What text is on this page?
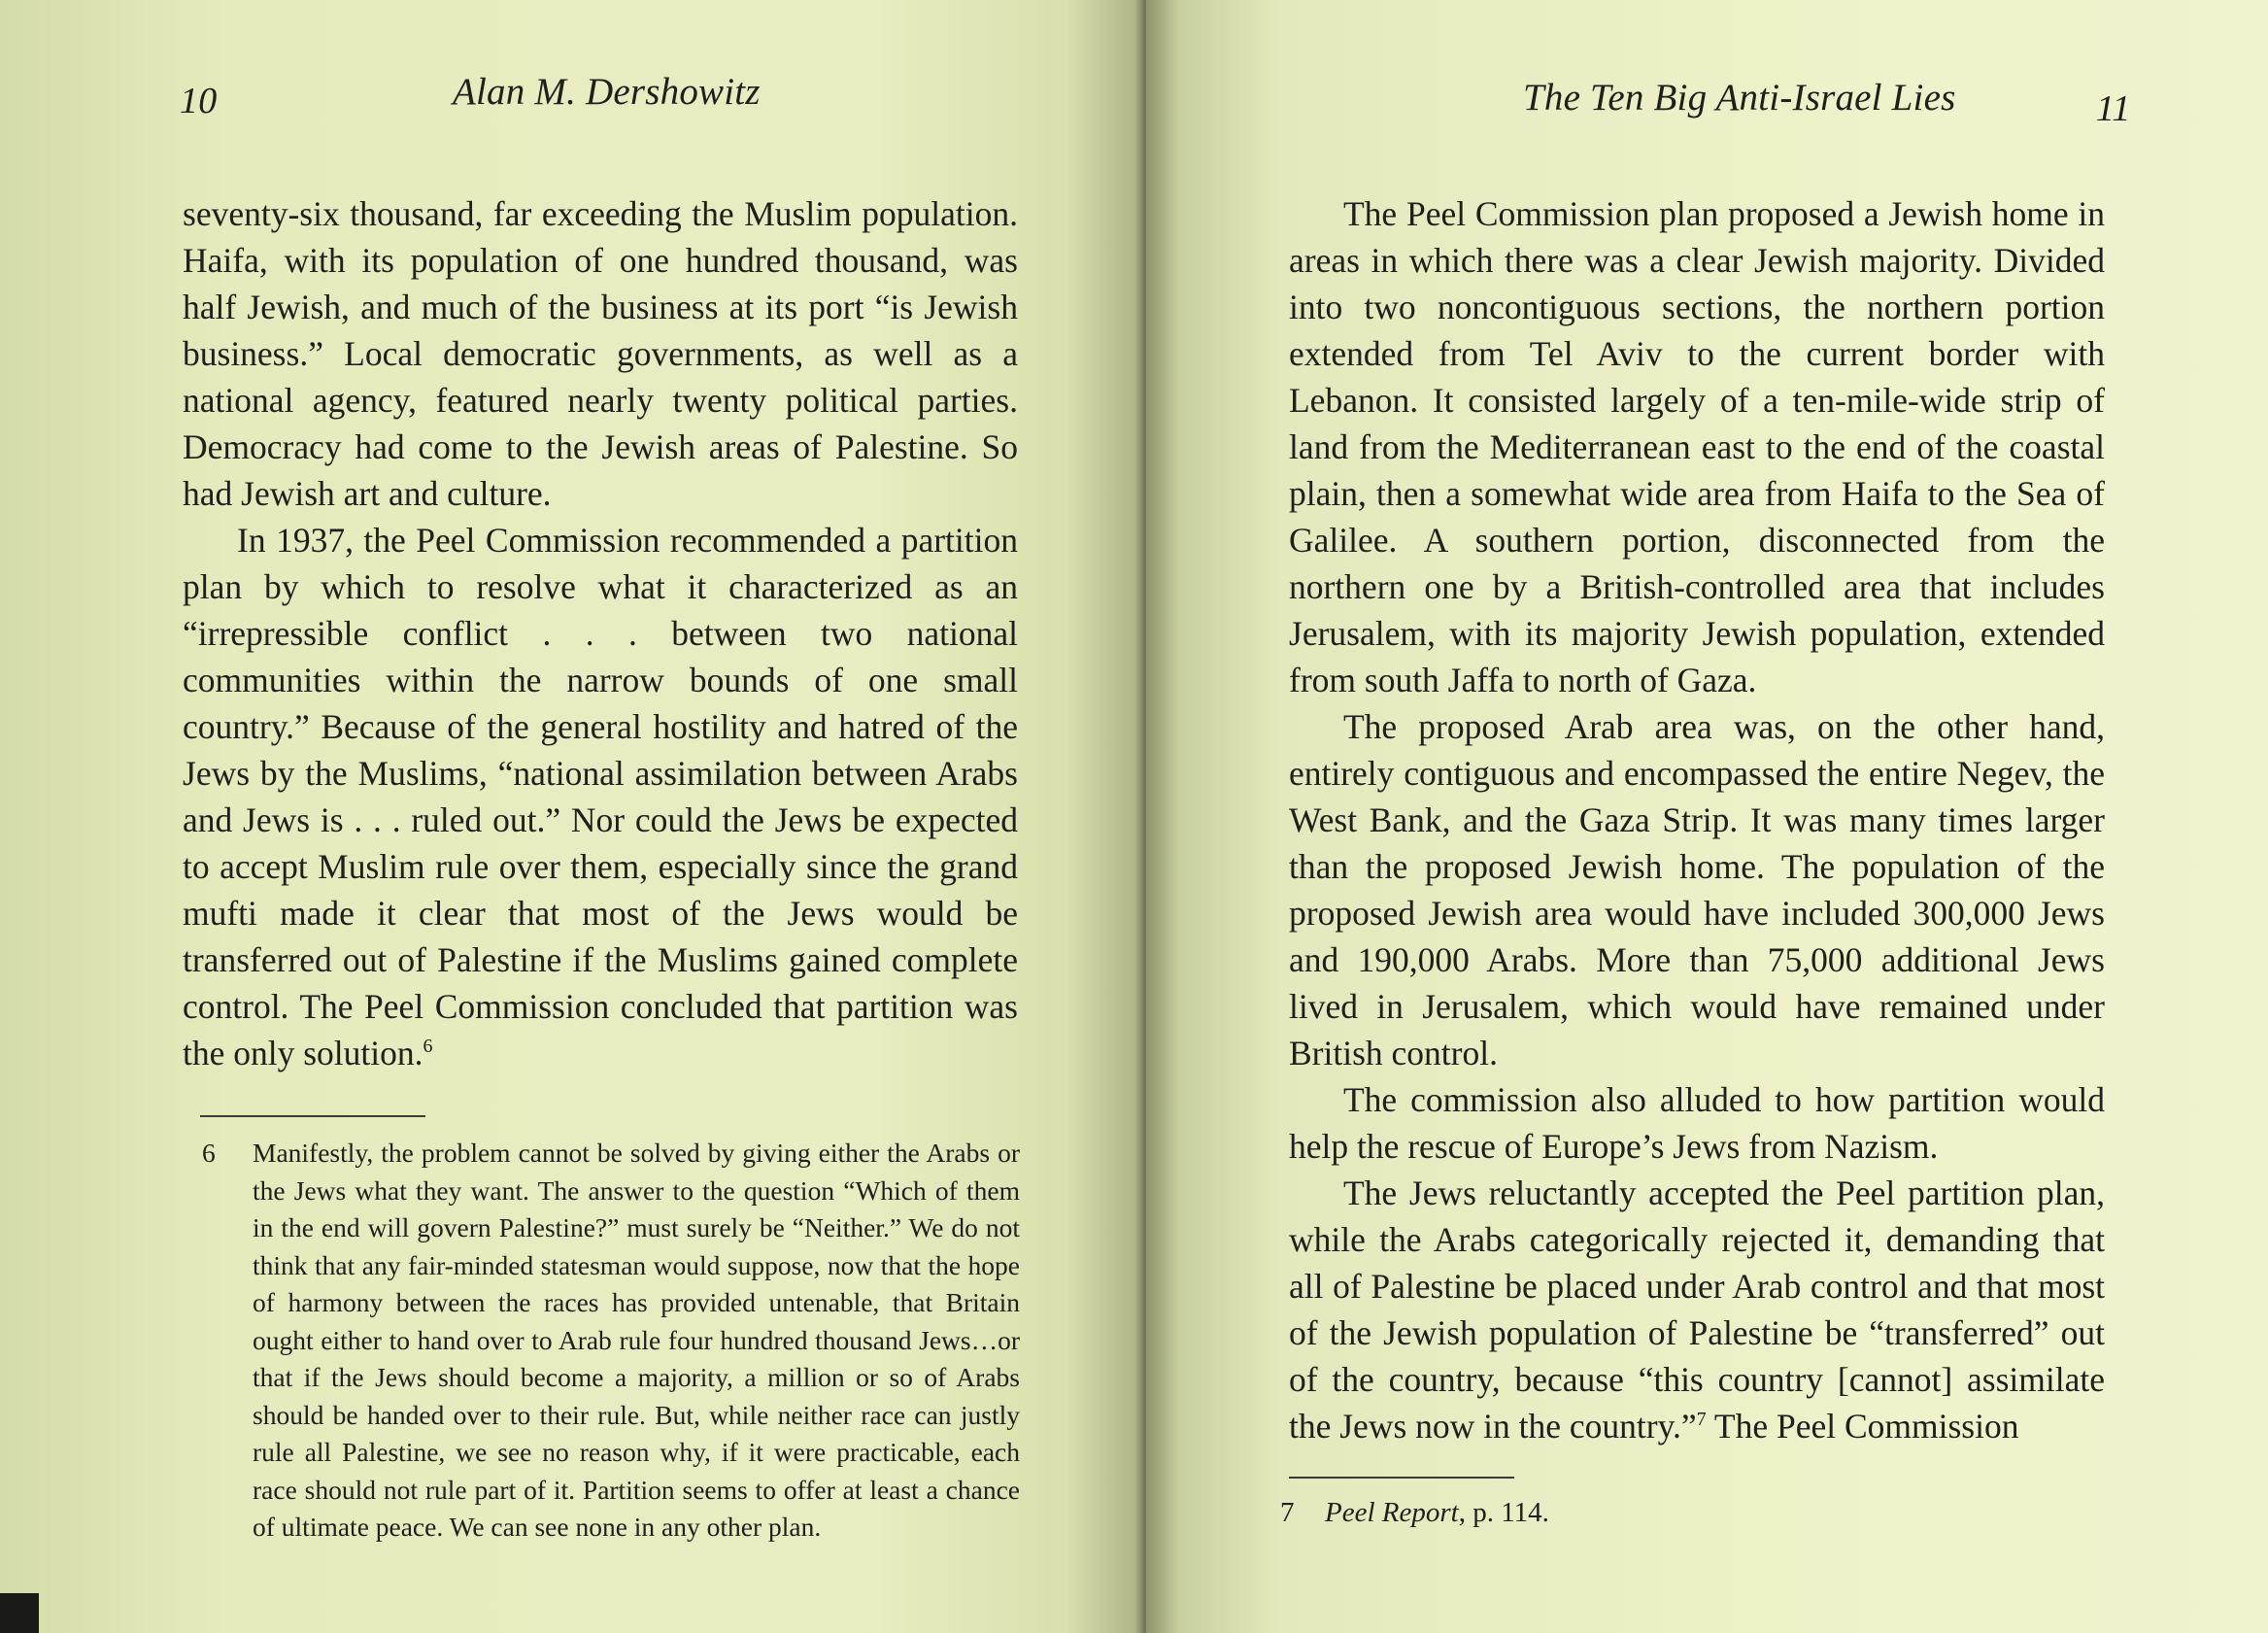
10	Alan M. Dershowitz

seventy-six thousand, far exceeding the Muslim population. Haifa, with its population of one hundred thousand, was half Jewish, and much of the business at its port “is Jewish business.” Local democratic governments, as well as a national agency, featured nearly twenty political parties. Democracy had come to the Jewish areas of Palestine. So had Jewish art and culture.

In 1937, the Peel Commission recommended a partition plan by which to resolve what it characterized as an “irrepressible conflict . . . between two national communities within the narrow bounds of one small country.” Because of the general hostility and hatred of the Jews by the Muslims, “national assimilation between Arabs and Jews is . . . ruled out.” Nor could the Jews be expected to accept Muslim rule over them, especially since the grand mufti made it clear that most of the Jews would be transferred out of Palestine if the Muslims gained complete control. The Peel Commission concluded that partition was the only solution.$^6$

6 Manifestly, the problem cannot be solved by giving either the Arabs or the Jews what they want. The answer to the question “Which of them in the end will govern Palestine?” must surely be “Neither.” We do not think that any fair-minded statesman would suppose, now that the hope of harmony between the races has provided untenable, that Britain ought either to hand over to Arab rule four hundred thousand Jews…or that if the Jews should become a majority, a million or so of Arabs should be handed over to their rule. But, while neither race can justly rule all Palestine, we see no reason why, if it were practicable, each race should not rule part of it. Partition seems to offer at least a chance of ultimate peace. We can see none in any other plan.
The Ten Big Anti-Israel Lies	11

The Peel Commission plan proposed a Jewish home in areas in which there was a clear Jewish majority. Divided into two noncontiguous sections, the northern portion extended from Tel Aviv to the current border with Lebanon. It consisted largely of a ten-mile-wide strip of land from the Mediterranean east to the end of the coastal plain, then a somewhat wide area from Haifa to the Sea of Galilee. A southern portion, disconnected from the northern one by a British-controlled area that includes Jerusalem, with its majority Jewish population, extended from south Jaffa to north of Gaza.

The proposed Arab area was, on the other hand, entirely contiguous and encompassed the entire Negev, the West Bank, and the Gaza Strip. It was many times larger than the proposed Jewish home. The population of the proposed Jewish area would have included 300,000 Jews and 190,000 Arabs. More than 75,000 additional Jews lived in Jerusalem, which would have remained under British control.

The commission also alluded to how partition would help the rescue of Europe’s Jews from Nazism.

The Jews reluctantly accepted the Peel partition plan, while the Arabs categorically rejected it, demanding that all of Palestine be placed under Arab control and that most of the Jewish population of Palestine be “transferred” out of the country, because “this country [cannot] assimilate the Jews now in the country.”$^7$ The Peel Commission

7 Peel Report, p. 114.
